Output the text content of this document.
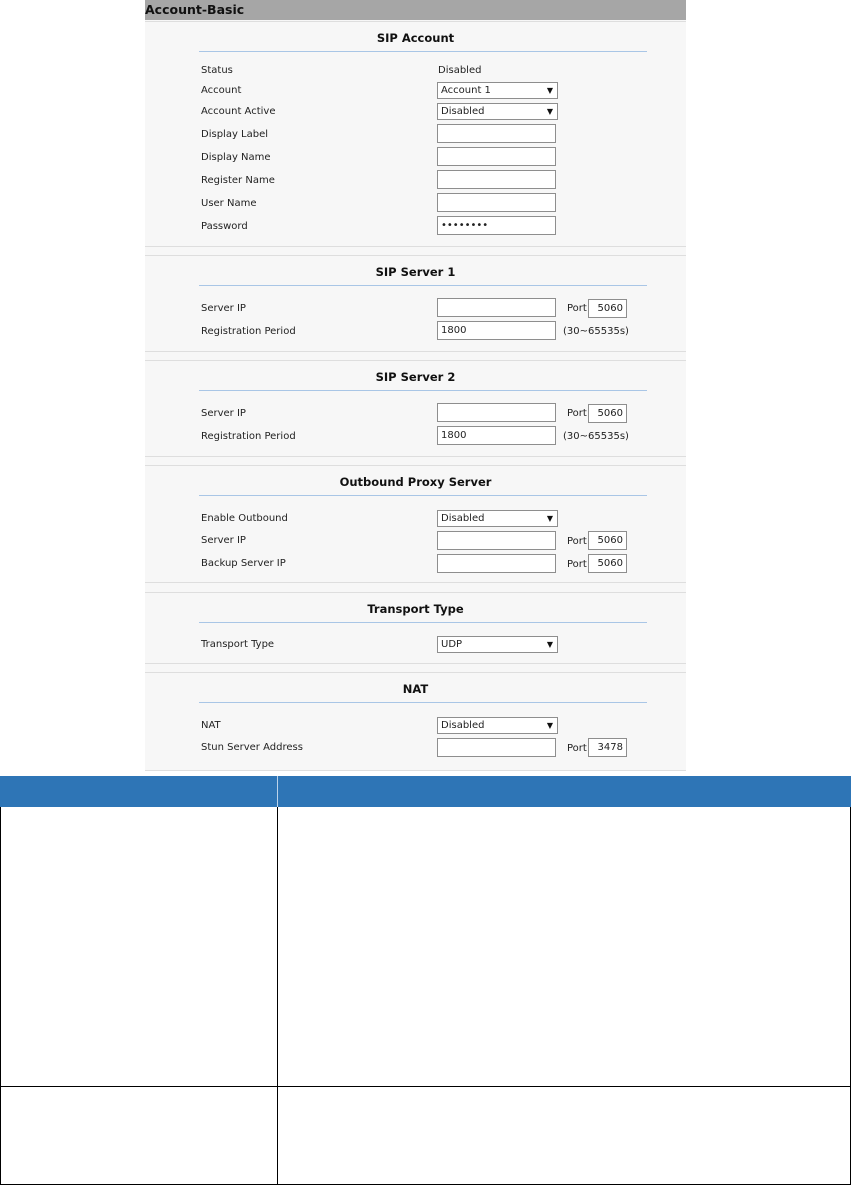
Account-Basic
SIP Account
Status	Disabled
Account	Account 1	▼
Account Active	Disabled	▼
Display Label
Display Name
Register Name
User Name
Password	••••••••
SIP Server 1
Server IP	Port	5060
Registration Period	1800	(30~65535s)
SIP Server 2
Server IP	Port	5060
Registration Period	1800	(30~65535s)
Outbound Proxy Server
Enable Outbound	Disabled	▼
Server IP	Port	5060
Backup Server IP	Port	5060
Transport Type
Transport Type	UDP	▼
NAT
NAT	Disabled	▼
Stun Server Address	Port	3478
